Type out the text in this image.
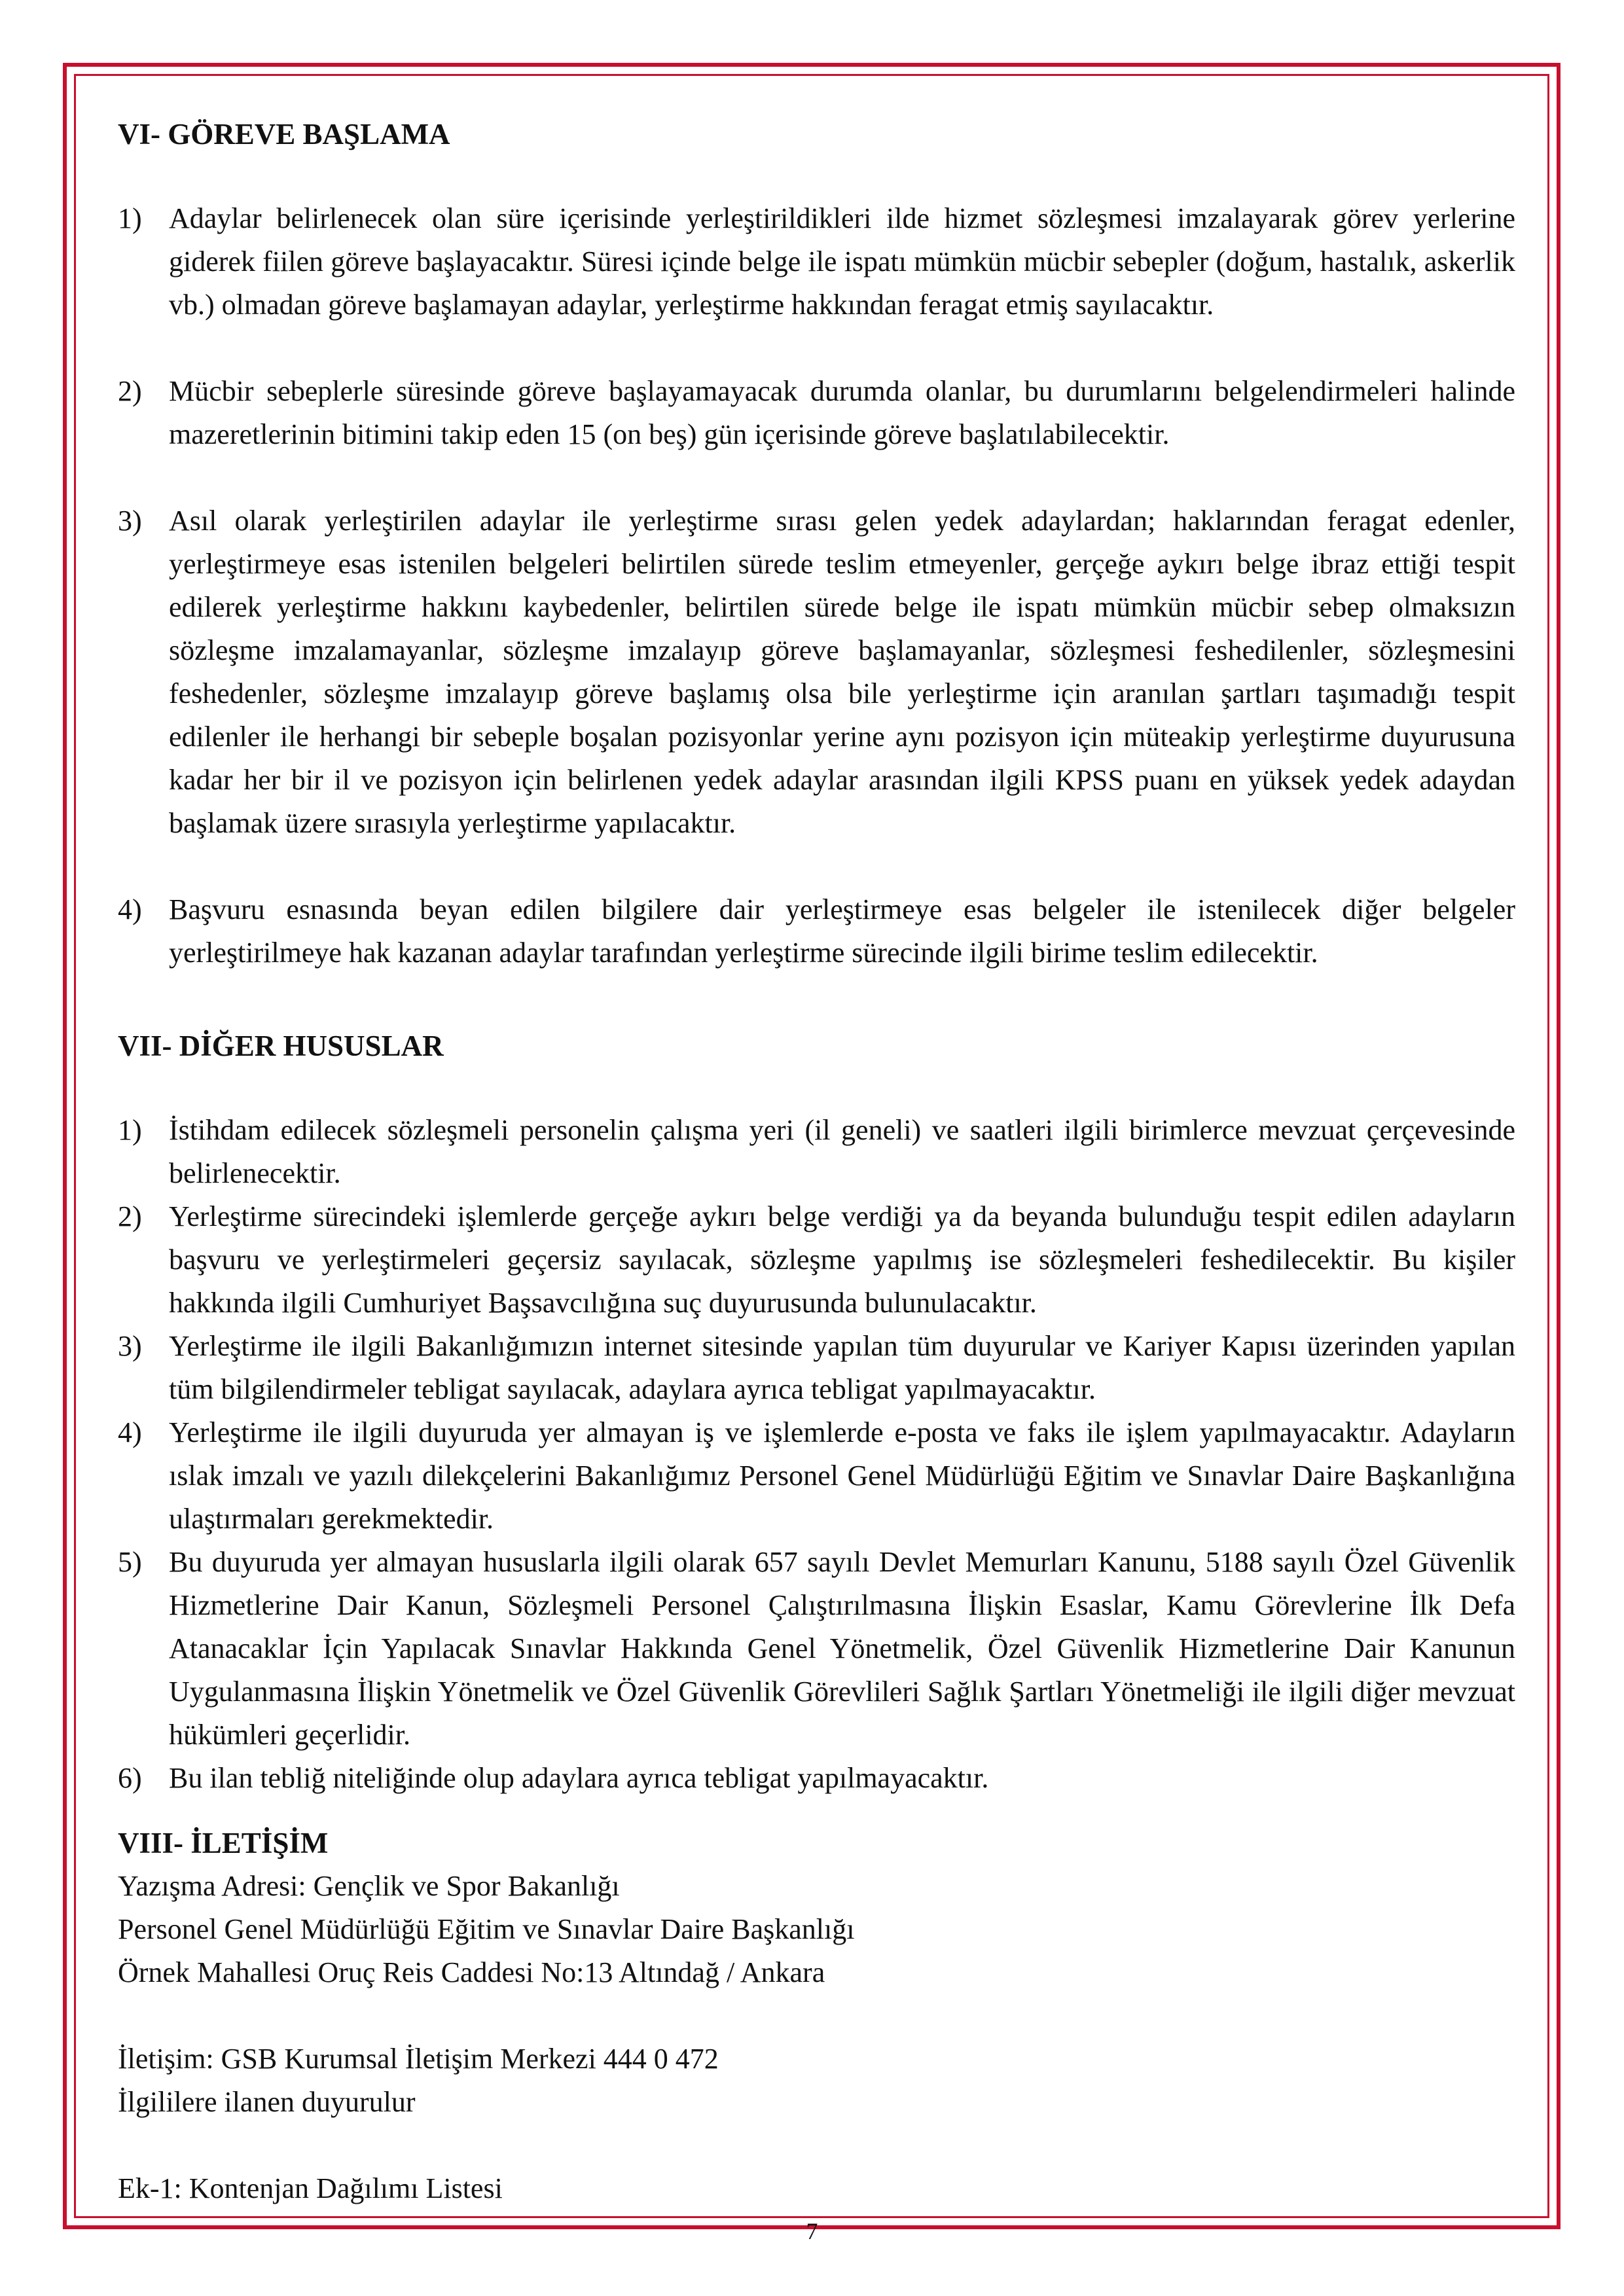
VI- GÖREVE BAŞLAMA
1) Adaylar belirlenecek olan süre içerisinde yerleştirildikleri ilde hizmet sözleşmesi imzalayarak görev yerlerine giderek fiilen göreve başlayacaktır. Süresi içinde belge ile ispatı mümkün mücbir sebepler (doğum, hastalık, askerlik vb.) olmadan göreve başlamayan adaylar, yerleştirme hakkından feragat etmiş sayılacaktır.
2) Mücbir sebeplerle süresinde göreve başlayamayacak durumda olanlar, bu durumlarını belgelendirmeleri halinde mazeretlerinin bitimini takip eden 15 (on beş) gün içerisinde göreve başlatılabilecektir.
3) Asıl olarak yerleştirilen adaylar ile yerleştirme sırası gelen yedek adaylardan; haklarından feragat edenler, yerleştirmeye esas istenilen belgeleri belirtilen sürede teslim etmeyenler, gerçeğe aykırı belge ibraz ettiği tespit edilerek yerleştirme hakkını kaybedenler, belirtilen sürede belge ile ispatı mümkün mücbir sebep olmaksızın sözleşme imzalamayanlar, sözleşme imzalayıp göreve başlamayanlar, sözleşmesi feshedilenler, sözleşmesini feshedenler, sözleşme imzalayıp göreve başlamış olsa bile yerleştirme için aranılan şartları taşımadığı tespit edilenler ile herhangi bir sebeple boşalan pozisyonlar yerine aynı pozisyon için müteakip yerleştirme duyurusuna kadar her bir il ve pozisyon için belirlenen yedek adaylar arasından ilgili KPSS puanı en yüksek yedek adaydan başlamak üzere sırasıyla yerleştirme yapılacaktır.
4) Başvuru esnasında beyan edilen bilgilere dair yerleştirmeye esas belgeler ile istenilecek diğer belgeler yerleştirilmeye hak kazanan adaylar tarafından yerleştirme sürecinde ilgili birime teslim edilecektir.
VII- DİĞER HUSUSLAR
1) İstihdam edilecek sözleşmeli personelin çalışma yeri (il geneli) ve saatleri ilgili birimlerce mevzuat çerçevesinde belirlenecektir.
2) Yerleştirme sürecindeki işlemlerde gerçeğe aykırı belge verdiği ya da beyanda bulunduğu tespit edilen adayların başvuru ve yerleştirmeleri geçersiz sayılacak, sözleşme yapılmış ise sözleşmeleri feshedilecektir. Bu kişiler hakkında ilgili Cumhuriyet Başsavcılığına suç duyurusunda bulunulacaktır.
3) Yerleştirme ile ilgili Bakanlığımızın internet sitesinde yapılan tüm duyurular ve Kariyer Kapısı üzerinden yapılan tüm bilgilendirmeler tebligat sayılacak, adaylara ayrıca tebligat yapılmayacaktır.
4) Yerleştirme ile ilgili duyuruda yer almayan iş ve işlemlerde e-posta ve faks ile işlem yapılmayacaktır. Adayların ıslak imzalı ve yazılı dilekçelerini Bakanlığımız Personel Genel Müdürlüğü Eğitim ve Sınavlar Daire Başkanlığına ulaştırmaları gerekmektedir.
5) Bu duyuruda yer almayan hususlarla ilgili olarak 657 sayılı Devlet Memurları Kanunu, 5188 sayılı Özel Güvenlik Hizmetlerine Dair Kanun, Sözleşmeli Personel Çalıştırılmasına İlişkin Esaslar, Kamu Görevlerine İlk Defa Atanacaklar İçin Yapılacak Sınavlar Hakkında Genel Yönetmelik, Özel Güvenlik Hizmetlerine Dair Kanunun Uygulanmasına İlişkin Yönetmelik ve Özel Güvenlik Görevlileri Sağlık Şartları Yönetmeliği ile ilgili diğer mevzuat hükümleri geçerlidir.
6) Bu ilan tebliğ niteliğinde olup adaylara ayrıca tebligat yapılmayacaktır.
VIII- İLETİŞİM
Yazışma Adresi: Gençlik ve Spor Bakanlığı
Personel Genel Müdürlüğü Eğitim ve Sınavlar Daire Başkanlığı
Örnek Mahallesi Oruç Reis Caddesi No:13 Altındağ / Ankara
İletişim: GSB Kurumsal İletişim Merkezi 444 0 472
İlgililere ilanen duyurulur
Ek-1: Kontenjan Dağılımı Listesi
7
